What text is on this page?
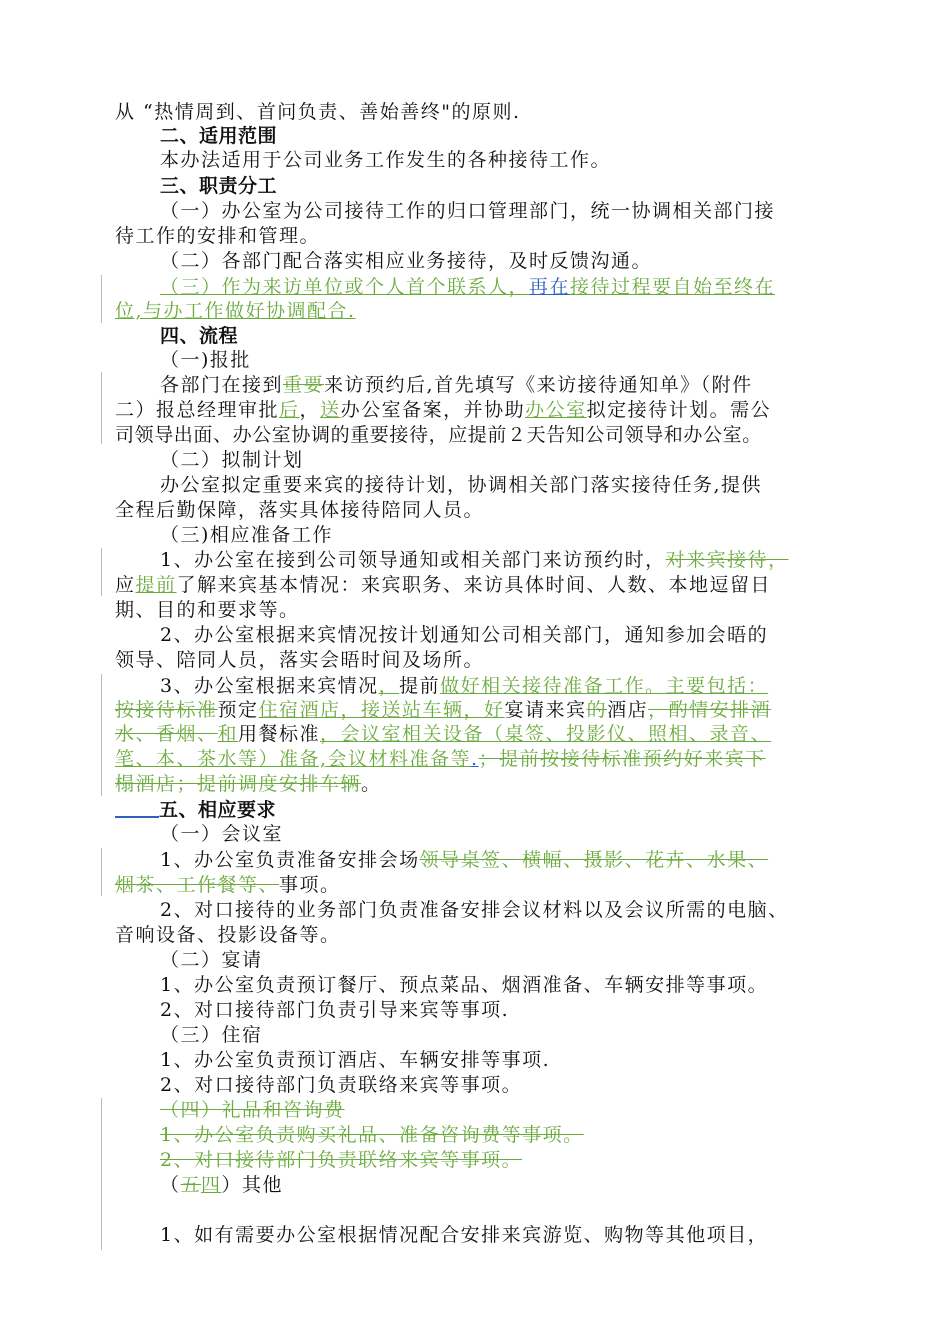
从 “热情周到、首问负责、善始善终"的原则.
二、适用范围
本办法适用于公司业务工作发生的各种接待工作。
三、职责分工
（一）办公室为公司接待工作的归口管理部门，统一协调相关部门接
待工作的安排和管理。
（二）各部门配合落实相应业务接待，及时反馈沟通。
（三）作为来访单位或个人首个联系人，再在接待过程要自始至终在
位,与办工作做好协调配合.
四、流程
（一)报批
各部门在接到重要来访预约后,首先填写《来访接待通知单》（附件
二）报总经理审批后，送办公室备案，并协助办公室拟定接待计划。需公
司领导出面、办公室协调的重要接待，应提前２天告知公司领导和办公室。
（二）拟制计划
办公室拟定重要来宾的接待计划，协调相关部门落实接待任务,提供
全程后勤保障，落实具体接待陪同人员。
（三)相应准备工作
1、办公室在接到公司领导通知或相关部门来访预约时，对来宾接待，
应提前了解来宾基本情况：来宾职务、来访具体时间、人数、本地逗留日
期、目的和要求等。
2、办公室根据来宾情况按计划通知公司相关部门，通知参加会晤的
领导、陪同人员，落实会晤时间及场所。
3、办公室根据来宾情况，提前做好相关接待准备工作。主要包括：
按接待标准预定住宿酒店，接送站车辆，好宴请来宾的酒店，酌情安排酒
水、香烟、和用餐标准，会议室相关设备（桌签、投影仪、照相、录音、
笔、本、茶水等）准备,会议材料准备等.；提前按接待标准预约好来宾下
榻酒店；提前调度安排车辆。
五、相应要求
（一）会议室
1、办公室负责准备安排会场领导桌签、横幅、摄影、花卉、水果、
烟茶、工作餐等、事项。
2、对口接待的业务部门负责准备安排会议材料以及会议所需的电脑、
音响设备、投影设备等。
（二）宴请
1、办公室负责预订餐厅、预点菜品、烟酒准备、车辆安排等事项。
2、对口接待部门负责引导来宾等事项.
（三）住宿
1、办公室负责预订酒店、车辆安排等事项.
2、对口接待部门负责联络来宾等事项。
（四）礼品和咨询费
1、办公室负责购买礼品、准备咨询费等事项。
2、对口接待部门负责联络来宾等事项。
（五四）其他
1、如有需要办公室根据情况配合安排来宾游览、购物等其他项目，
